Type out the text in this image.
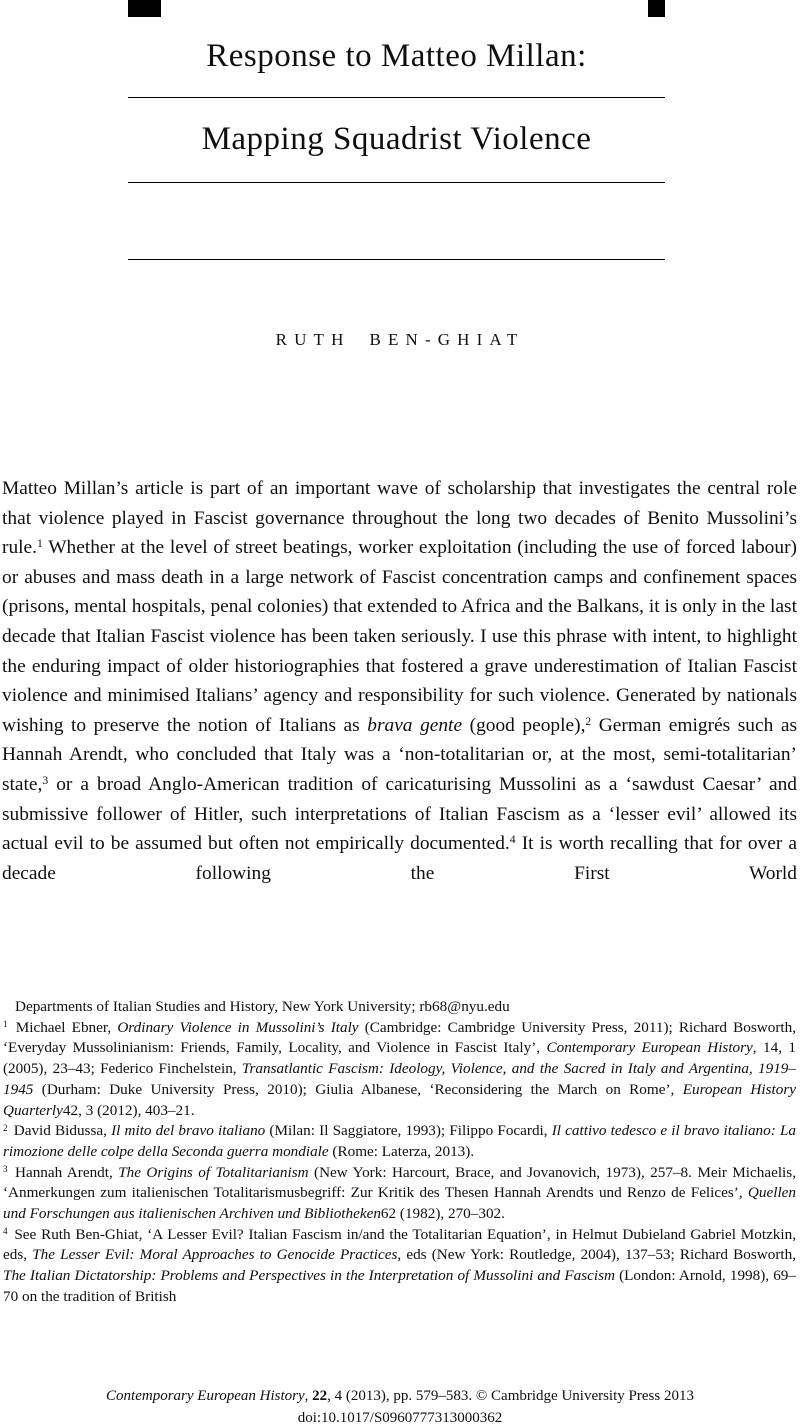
Response to Matteo Millan:
Mapping Squadrist Violence
RUTH BEN-GHIAT

Matteo Millan’s article is part of an important wave of scholarship that investigates the central role that violence played in Fascist governance throughout the long two decades of Benito Mussolini’s rule.$^1$ Whether at the level of street beatings, worker exploitation (including the use of forced labour) or abuses and mass death in a large network of Fascist concentration camps and confinement spaces (prisons, mental hospitals, penal colonies) that extended to Africa and the Balkans, it is only in the last decade that Italian Fascist violence has been taken seriously. I use this phrase with intent, to highlight the enduring impact of older historiographies that fostered a grave underestimation of Italian Fascist violence and minimised Italians’ agency and responsibility for such violence. Generated by nationals wishing to preserve the notion of Italians as brava gente (good people),$^2$ German emigrés such as Hannah Arendt, who concluded that Italy was a ‘non-totalitarian or, at the most, semi-totalitarian’ state,$^3$ or a broad Anglo-American tradition of caricaturising Mussolini as a ‘sawdust Caesar’ and submissive follower of Hitler, such interpretations of Italian Fascism as a ‘lesser evil’ allowed its actual evil to be assumed but often not empirically documented.$^4$ It is worth recalling that for over a decade following the First World

Departments of Italian Studies and History, New York University; rb68@nyu.edu

$^1$ Michael Ebner, Ordinary Violence in Mussolini’s Italy (Cambridge: Cambridge University Press, 2011); Richard Bosworth, ‘Everyday Mussolinianism: Friends, Family, Locality, and Violence in Fascist Italy’, Contemporary European History, 14, 1 (2005), 23–43; Federico Finchelstein, Transatlantic Fascism: Ideology, Violence, and the Sacred in Italy and Argentina, 1919–1945 (Durham: Duke University Press, 2010); Giulia Albanese, ‘Reconsidering the March on Rome’, European History Quarterly42, 3 (2012), 403–21.

$^2$ David Bidussa, Il mito del bravo italiano (Milan: Il Saggiatore, 1993); Filippo Focardi, Il cattivo tedesco e il bravo italiano: La rimozione delle colpe della Seconda guerra mondiale (Rome: Laterza, 2013).

$^3$ Hannah Arendt, The Origins of Totalitarianism (New York: Harcourt, Brace, and Jovanovich, 1973), 257–8. Meir Michaelis, ‘Anmerkungen zum italienischen Totalitarismusbegriff: Zur Kritik des Thesen Hannah Arendts und Renzo de Felices’, Quellen und Forschungen aus italienischen Archiven und Bibliotheken62 (1982), 270–302.

$^4$ See Ruth Ben-Ghiat, ‘A Lesser Evil? Italian Fascism in/and the Totalitarian Equation’, in Helmut Dubieland Gabriel Motzkin, eds, The Lesser Evil: Moral Approaches to Genocide Practices, eds (New York: Routledge, 2004), 137–53; Richard Bosworth, The Italian Dictatorship: Problems and Perspectives in the Interpretation of Mussolini and Fascism (London: Arnold, 1998), 69–70 on the tradition of British

Contemporary European History, 22, 4 (2013), pp. 579–583. © Cambridge University Press 2013

doi:10.1017/S0960777313000362
